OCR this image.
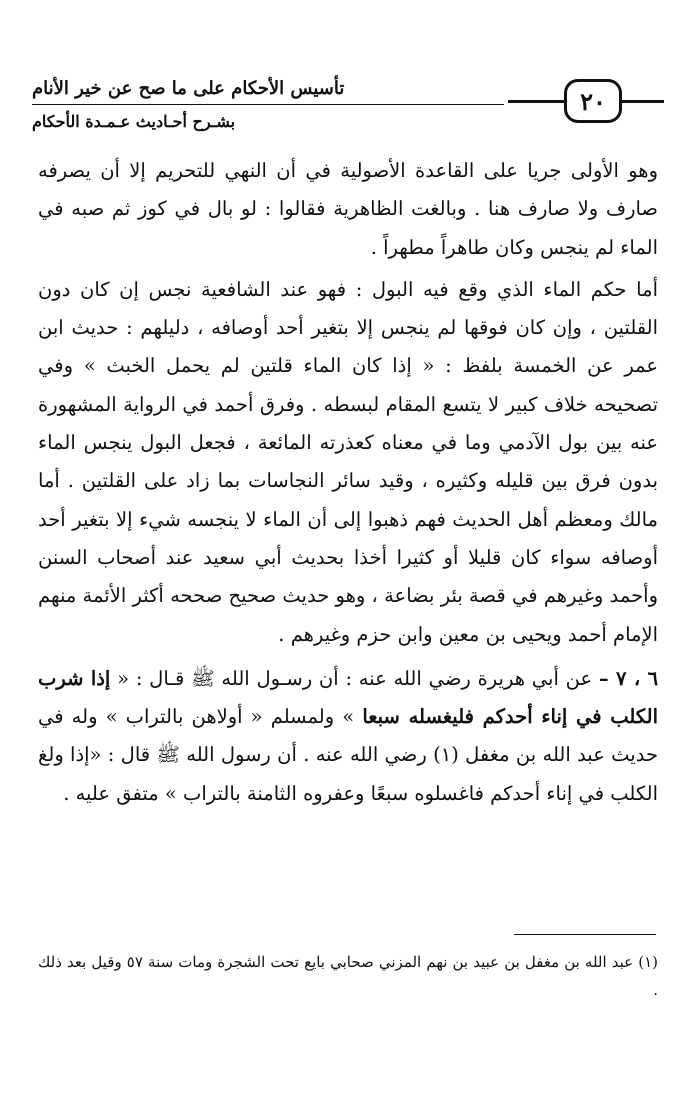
٢٠
تأسيس الأحكام على ما صح عن خير الأنام
بشـرح أحـاديث عـمـدة الأحكام

وهو الأولى جريا على القاعدة الأصولية في أن النهي للتحريم إلا أن يصرفه صارف ولا صارف هنا . وبالغت الظاهرية فقالوا : لو بال في كوز ثم صبه في الماء لم ينجس وكان طاهراً مطهراً .

أما حكم الماء الذي وقع فيه البول : فهو عند الشافعية نجس إن كان دون القلتين ، وإن كان فوقها لم ينجس إلا بتغير أحد أوصافه ، دليلهم : حديث ابن عمر عن الخمسة بلفظ : « إذا كان الماء قلتين لم يحمل الخبث » وفي تصحيحه خلاف كبير لا يتسع المقام لبسطه . وفرق أحمد في الرواية المشهورة عنه بين بول الآدمي وما في معناه كعذرته المائعة ، فجعل البول ينجس الماء بدون فرق بين قليله وكثيره ، وقيد سائر النجاسات بما زاد على القلتين . أما مالك ومعظم أهل الحديث فهم ذهبوا إلى أن الماء لا ينجسه شيء إلا بتغير أحد أوصافه سواء كان قليلا أو كثيرا أخذا بحديث أبي سعيد عند أصحاب السنن وأحمد وغيرهم في قصة بئر بضاعة ، وهو حديث صحيح صححه أكثر الأئمة منهم الإمام أحمد ويحيى بن معين وابن حزم وغيرهم .

٦ ، ٧ – عن أبي هريرة رضي الله عنه : أن رسـول الله ﷺ قـال : « إذا شرب الكلب في إناء أحدكم فليغسله سبعا » ولمسلم « أولاهن بالتراب » وله في حديث عبد الله بن مغفل (١) رضي الله عنه . أن رسول الله ﷺ قال : «إذا ولغ الكلب في إناء أحدكم فاغسلوه سبعًا وعفروه الثامنة بالتراب » متفق عليه .

(١) عبد الله بن مغفل بن عبيد بن نهم المزني صحابي بايع تحت الشجرة ومات سنة ٥٧ وقيل بعد ذلك .
